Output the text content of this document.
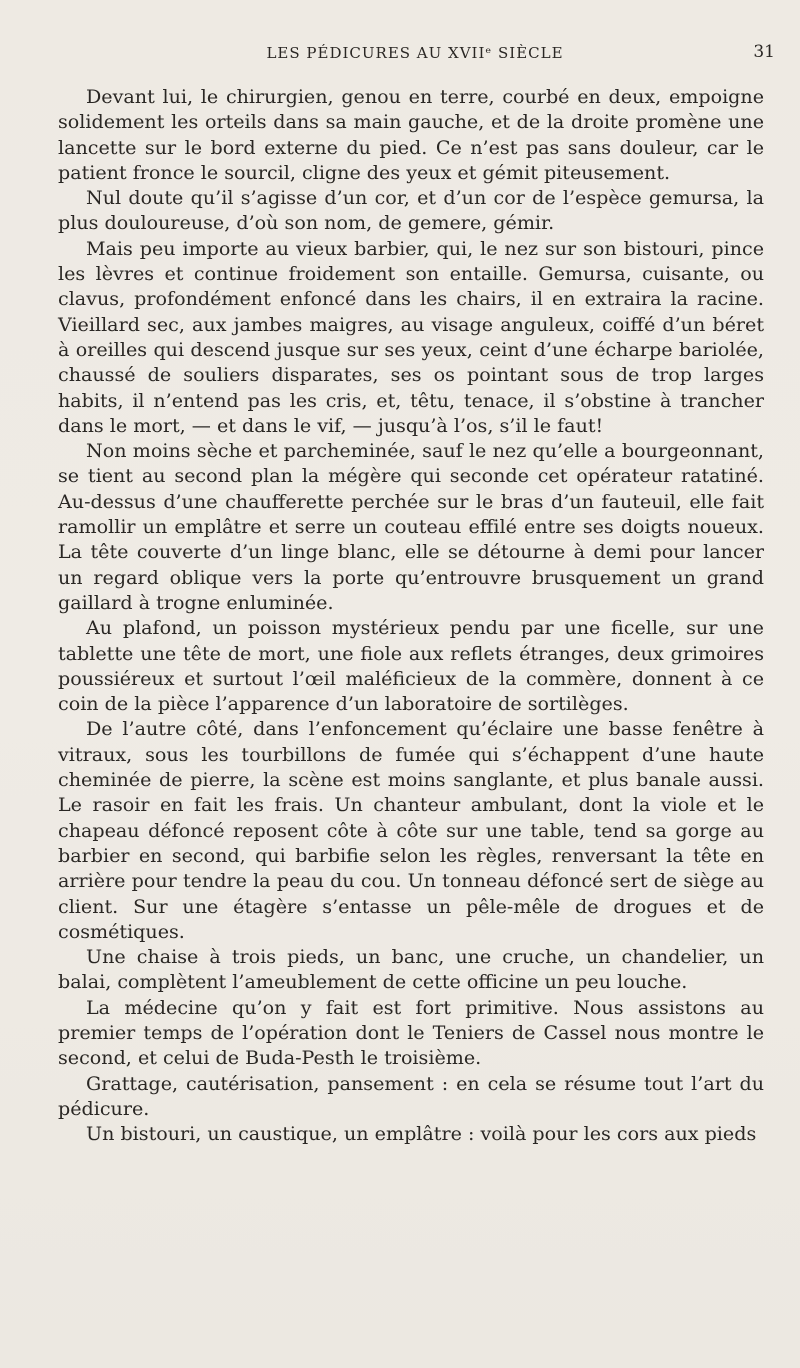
LES PÉDICURES AU XVIIᵉ SIÈCLE	31

Devant lui, le chirurgien, genou en terre, courbé en deux, empoigne solidement les orteils dans sa main gauche, et de la droite promène une lancette sur le bord externe du pied. Ce n’est pas sans douleur, car le patient fronce le sourcil, cligne des yeux et gémit piteusement.

Nul doute qu’il s’agisse d’un cor, et d’un cor de l’espèce gemursa, la plus douloureuse, d’où son nom, de gemere, gémir.

Mais peu importe au vieux barbier, qui, le nez sur son bistouri, pince les lèvres et continue froidement son entaille. Gemursa, cuisante, ou clavus, profondément enfoncé dans les chairs, il en extraira la racine. Vieillard sec, aux jambes maigres, au visage anguleux, coiffé d’un béret à oreilles qui descend jusque sur ses yeux, ceint d’une écharpe bariolée, chaussé de souliers disparates, ses os pointant sous de trop larges habits, il n’entend pas les cris, et, têtu, tenace, il s’obstine à trancher dans le mort, — et dans le vif, — jusqu’à l’os, s’il le faut!

Non moins sèche et parcheminée, sauf le nez qu’elle a bourgeonnant, se tient au second plan la mégère qui seconde cet opérateur ratatiné. Au-dessus d’une chaufferette perchée sur le bras d’un fauteuil, elle fait ramollir un emplâtre et serre un couteau effilé entre ses doigts noueux. La tête couverte d’un linge blanc, elle se détourne à demi pour lancer un regard oblique vers la porte qu’entrouvre brusquement un grand gaillard à trogne enluminée.

Au plafond, un poisson mystérieux pendu par une ficelle, sur une tablette une tête de mort, une fiole aux reflets étranges, deux grimoires poussiéreux et surtout l’œil maléficieux de la commère, donnent à ce coin de la pièce l’apparence d’un laboratoire de sortilèges.

De l’autre côté, dans l’enfoncement qu’éclaire une basse fenêtre à vitraux, sous les tourbillons de fumée qui s’échappent d’une haute cheminée de pierre, la scène est moins sanglante, et plus banale aussi. Le rasoir en fait les frais. Un chanteur ambulant, dont la viole et le chapeau défoncé reposent côte à côte sur une table, tend sa gorge au barbier en second, qui barbifie selon les règles, renversant la tête en arrière pour tendre la peau du cou. Un tonneau défoncé sert de siège au client. Sur une étagère s’entasse un pêle-mêle de drogues et de cosmétiques.

Une chaise à trois pieds, un banc, une cruche, un chandelier, un balai, complètent l’ameublement de cette officine un peu louche.

La médecine qu’on y fait est fort primitive. Nous assistons au premier temps de l’opération dont le Teniers de Cassel nous montre le second, et celui de Buda-Pesth le troisième.

Grattage, cautérisation, pansement : en cela se résume tout l’art du pédicure.

Un bistouri, un caustique, un emplâtre : voilà pour les cors aux pieds
